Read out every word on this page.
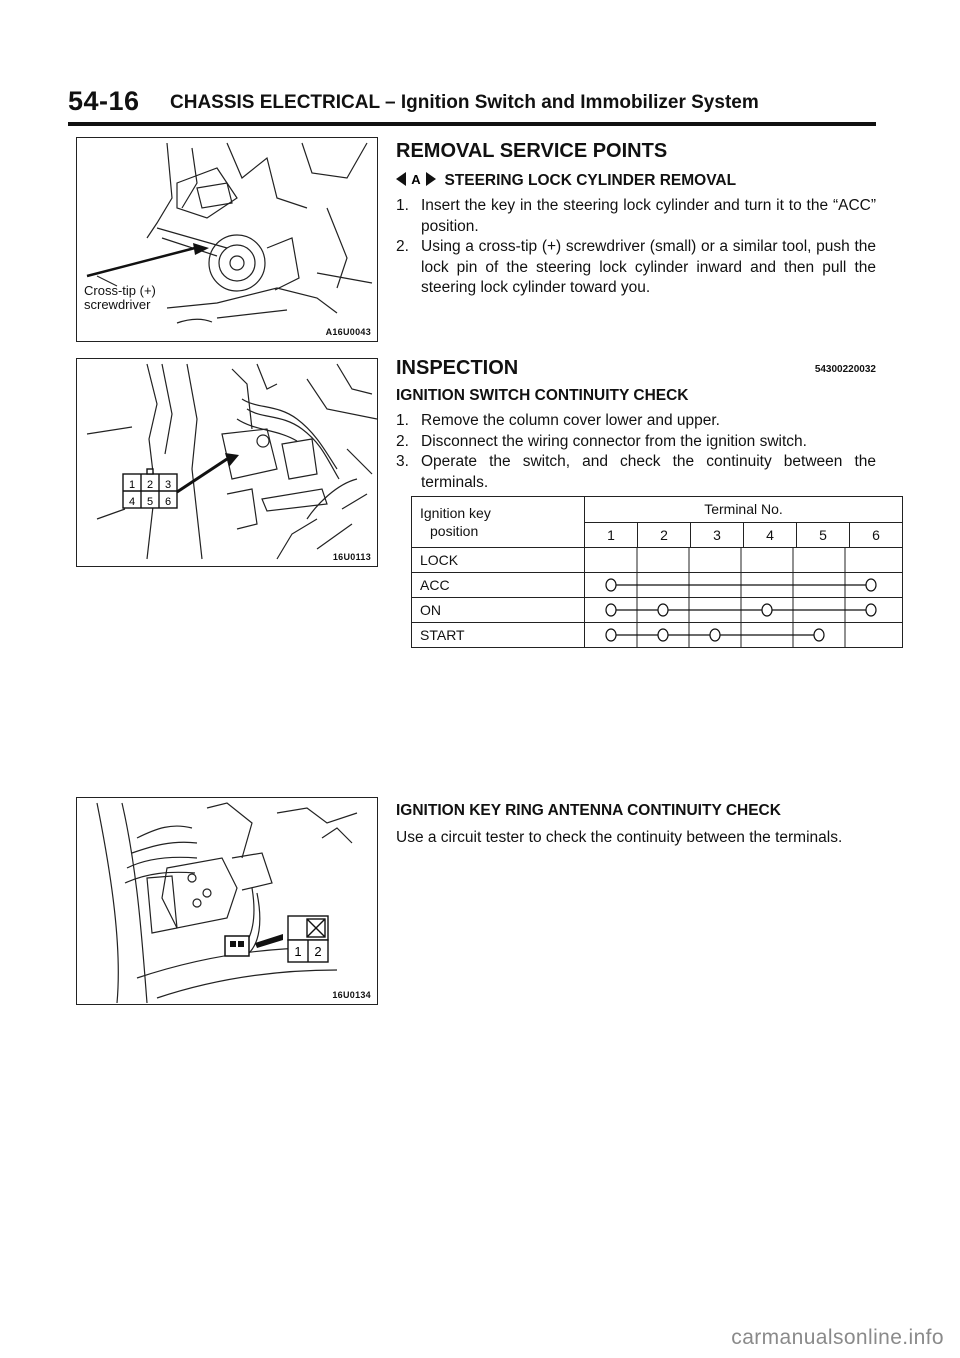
54-16 CHASSIS ELECTRICAL – Ignition Switch and Immobilizer System
Cross-tip (+)
screwdriver
A16U0043
1 2 3
4 5 6
16U0113
1 2
16U0134
REMOVAL SERVICE POINTS
A STEERING LOCK CYLINDER REMOVAL
1. Insert the key in the steering lock cylinder and turn it to the “ACC” position.
2. Using a cross-tip (+) screwdriver (small) or a similar tool, push the lock pin of the steering lock cylinder inward and then pull the steering lock cylinder toward you.
INSPECTION	54300220032
IGNITION SWITCH CONTINUITY CHECK
1. Remove the column cover lower and upper.
2. Disconnect the wiring connector from the ignition switch.
3. Operate the switch, and check the continuity between the terminals.
Ignition key
position	Terminal No.					
	1	2	3	4	5	6
LOCK	

ACC	

ON	

START	
IGNITION KEY RING ANTENNA CONTINUITY CHECK
Use a circuit tester to check the continuity between the terminals.
carmanualsonline.info
